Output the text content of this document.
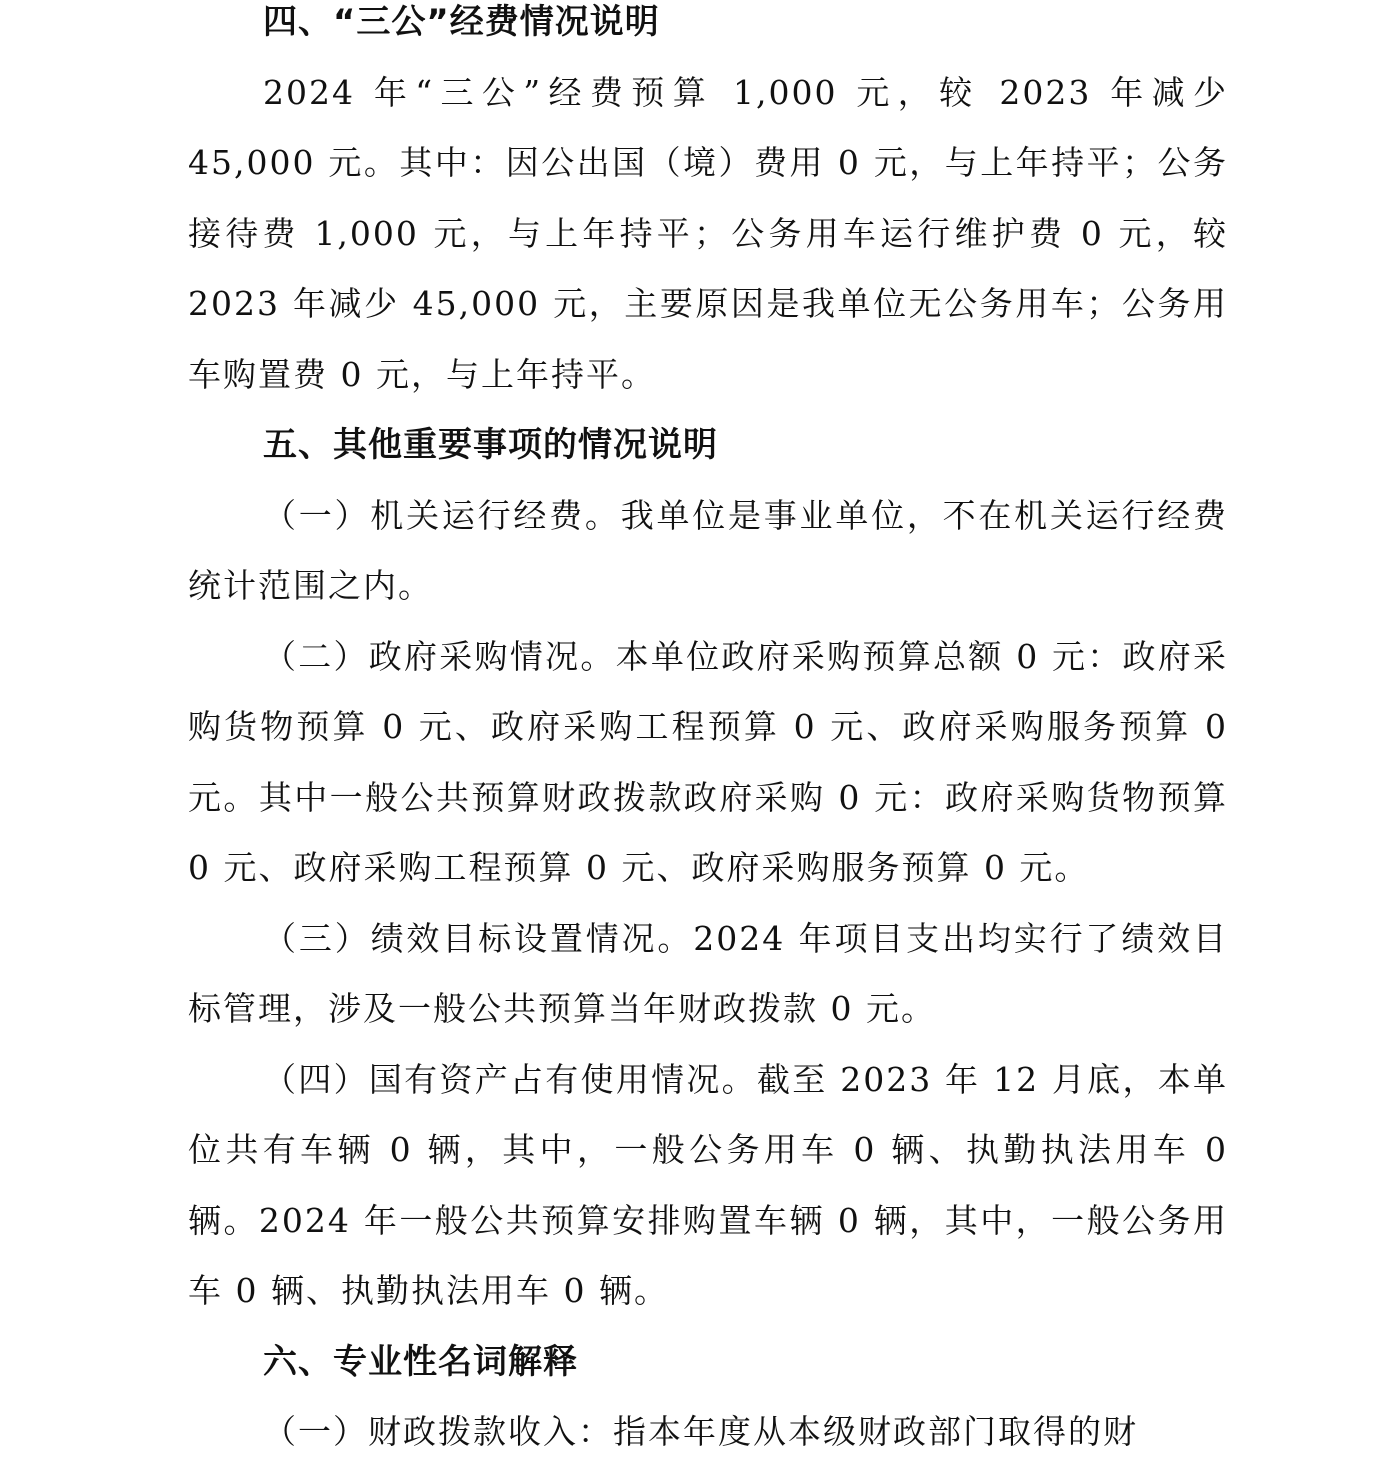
四、“三公”经费情况说明

2024 年“三公”经费预算 1,000 元，较 2023 年减少 45,000 元。其中：因公出国（境）费用 0 元，与上年持平；公务接待费 1,000 元，与上年持平；公务用车运行维护费 0 元，较 2023 年减少 45,000 元，主要原因是我单位无公务用车；公务用车购置费 0 元，与上年持平。

五、其他重要事项的情况说明

（一）机关运行经费。我单位是事业单位，不在机关运行经费统计范围之内。

（二）政府采购情况。本单位政府采购预算总额 0 元：政府采购货物预算 0 元、政府采购工程预算 0 元、政府采购服务预算 0 元。其中一般公共预算财政拨款政府采购 0 元：政府采购货物预算 0 元、政府采购工程预算 0 元、政府采购服务预算 0 元。

（三）绩效目标设置情况。2024 年项目支出均实行了绩效目标管理，涉及一般公共预算当年财政拨款 0 元。

（四）国有资产占有使用情况。截至 2023 年 12 月底，本单位共有车辆 0 辆，其中，一般公务用车 0 辆、执勤执法用车 0 辆。2024 年一般公共预算安排购置车辆 0 辆，其中，一般公务用车 0 辆、执勤执法用车 0 辆。

六、专业性名词解释

（一）财政拨款收入：指本年度从本级财政部门取得的财
